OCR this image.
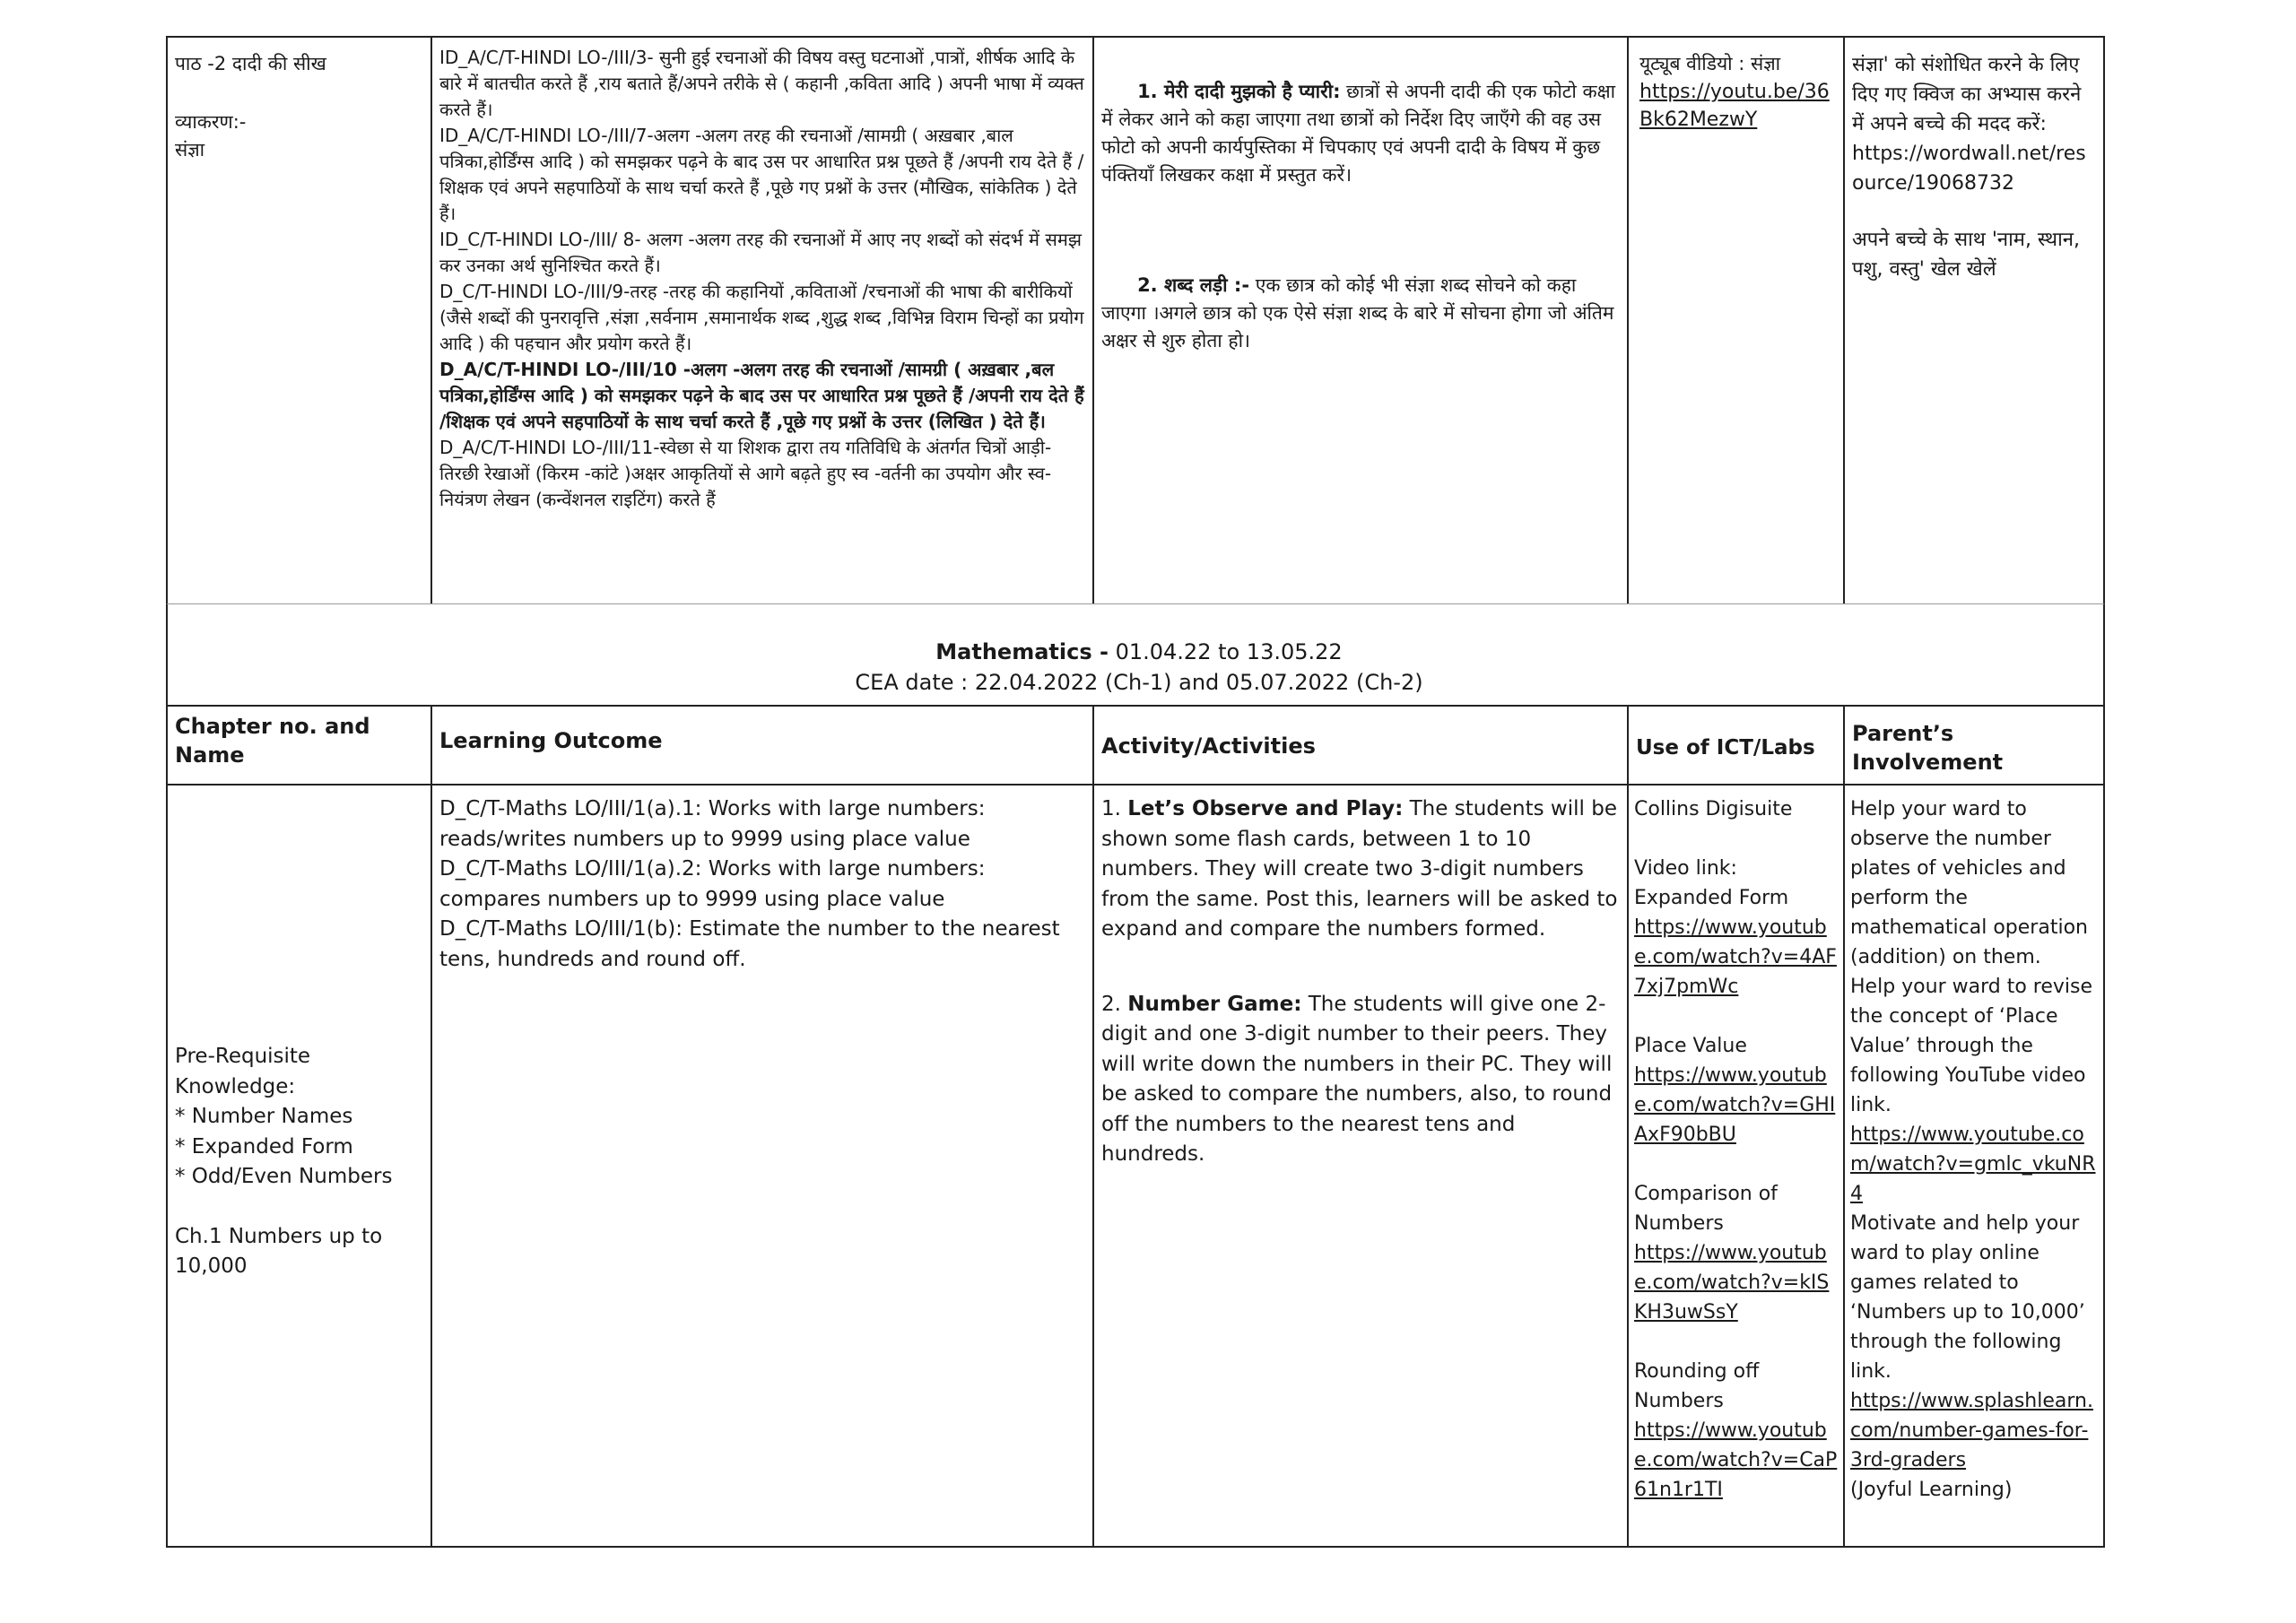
पाठ -2 दादी की सीख

व्याकरण:-

संज्ञा

ID_A/C/T-HINDI LO-/III/3- सुनी हुई रचनाओं की विषय वस्तु घटनाओं ,पात्रों, शीर्षक आदि के बारे में बातचीत करते हैं ,राय बताते हैं/अपने तरीके से ( कहानी ,कविता आदि ) अपनी भाषा में व्यक्त करते हैं।

ID_A/C/T-HINDI LO-/III/7-अलग -अलग तरह की रचनाओं /सामग्री ( अख़बार ,बाल पत्रिका,होर्डिंग्स आदि ) को समझकर पढ़ने के बाद उस पर आधारित प्रश्न पूछते हैं /अपनी राय देते हैं /शिक्षक एवं अपने सहपाठियों के साथ चर्चा करते हैं ,पूछे गए प्रश्नों के उत्तर (मौखिक, सांकेतिक ) देते हैं।

ID_C/T-HINDI LO-/III/ 8- अलग -अलग तरह की रचनाओं में आए नए शब्दों को संदर्भ में समझ कर उनका अर्थ सुनिश्चित करते हैं।

D_C/T-HINDI LO-/III/9-तरह -तरह की कहानियों ,कविताओं /रचनाओं की भाषा की बारीकियों (जैसे शब्दों की पुनरावृत्ति ,संज्ञा ,सर्वनाम ,समानार्थक शब्द ,शुद्ध शब्द ,विभिन्न विराम चिन्हों का प्रयोग आदि ) की पहचान और प्रयोग करते हैं।

D_A/C/T-HINDI LO-/III/10 -अलग -अलग तरह की रचनाओं /सामग्री ( अख़बार ,बल पत्रिका,होर्डिंग्स आदि ) को समझकर पढ़ने के बाद उस पर आधारित प्रश्न पूछते हैं /अपनी राय देते हैं /शिक्षक एवं अपने सहपाठियों के साथ चर्चा करते हैं ,पूछे गए प्रश्नों के उत्तर (लिखित ) देते हैं।

D_A/C/T-HINDI LO-/III/11-स्वेछा से या शिशक द्वारा तय गतिविधि के अंतर्गत चित्रों आड़ी-तिरछी रेखाओं (किरम -कांटे )अक्षर आकृतियों से आगे बढ़ते हुए स्व -वर्तनी का उपयोग और स्व-नियंत्रण लेखन (कन्वेंशनल राइटिंग) करते हैं

1. मेरी दादी मुझको है प्यारी: छात्रों से अपनी दादी की एक फोटो कक्षा में लेकर आने को कहा जाएगा तथा छात्रों को निर्देश दिए जाएँगे की वह उस फोटो को अपनी कार्यपुस्तिका में चिपकाए एवं अपनी दादी के विषय में कुछ पंक्तियाँ लिखकर कक्षा में प्रस्तुत करें।

2. शब्द लड़ी :- एक छात्र को कोई भी संज्ञा शब्द सोचने को कहा जाएगा ।अगले छात्र को एक ऐसे संज्ञा शब्द के बारे में सोचना होगा जो अंतिम अक्षर से शुरु होता हो।

यूट्यूब वीडियो : संज्ञा

https://youtu.be/36Bk62MezwY

संज्ञा' को संशोधित करने के लिए दिए गए क्विज का अभ्यास करने में अपने बच्चे की मदद करें:

https://wordwall.net/resource/19068732

अपने बच्चे के साथ 'नाम, स्थान, पशु, वस्तु' खेल खेलें

Mathematics - 01.04.22 to 13.05.22
CEA date : 22.04.2022 (Ch-1) and 05.07.2022 (Ch-2)
Chapter no. and Name
Learning Outcome	Activity/Activities	Use of ICT/Labs
Parent’s Involvement

Pre-Requisite Knowledge:

* Number Names

* Expanded Form

* Odd/Even Numbers

Ch.1 Numbers up to 10,000

D_C/T-Maths LO/III/1(a).1: Works with large numbers: reads/writes numbers up to 9999 using place value

D_C/T-Maths LO/III/1(a).2: Works with large numbers: compares numbers up to 9999 using place value

D_C/T-Maths LO/III/1(b): Estimate the number to the nearest tens, hundreds and round off.

1. Let’s Observe and Play: The students will be shown some flash cards, between 1 to 10 numbers. They will create two 3-digit numbers from the same. Post this, learners will be asked to expand and compare the numbers formed.

2. Number Game: The students will give one 2-digit and one 3-digit number to their peers. They will write down the numbers in their PC. They will be asked to compare the numbers, also, to round off the numbers to the nearest tens and hundreds.

Collins Digisuite

Video link:

Expanded Form

https://www.youtube.com/watch?v=4AF7xj7pmWc

Place Value

https://www.youtube.com/watch?v=GHIAxF90bBU

Comparison of Numbers

https://www.youtube.com/watch?v=kISKH3uwSsY

Rounding off Numbers

https://www.youtube.com/watch?v=CaP61n1r1TI

Help your ward to observe the number plates of vehicles and perform the mathematical operation (addition) on them.

Help your ward to revise the concept of ‘Place Value’ through the following YouTube video link.

https://www.youtube.com/watch?v=gmlc_vkuNR4

Motivate and help your ward to play online games related to ‘Numbers up to 10,000’ through the following link.

https://www.splashlearn.com/number-games-for-3rd-graders

(Joyful Learning)
